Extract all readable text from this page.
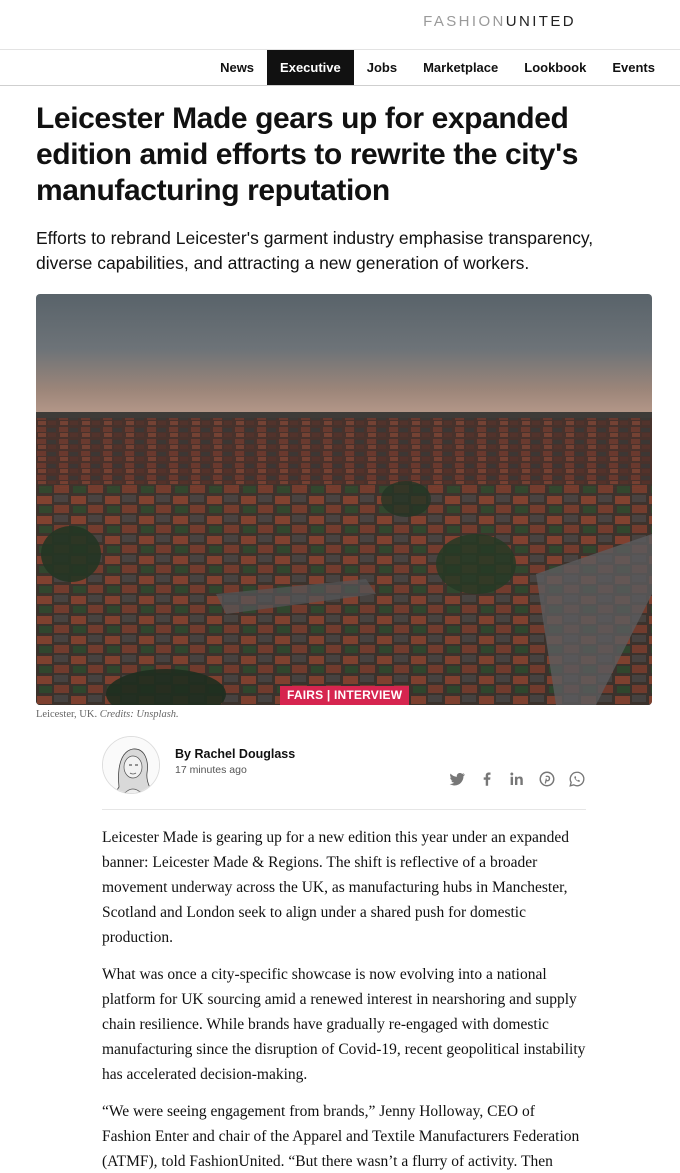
FASHIONUNITED
News	Executive	Jobs	Marketplace	Lookbook	Events
Leicester Made gears up for expanded edition amid efforts to rewrite the city's manufacturing reputation

Efforts to rebrand Leicester's garment industry emphasise transparency, diverse capabilities, and attracting a new generation of workers.

FAIRS | INTERVIEW
Leicester, UK. Credits: Unsplash.
By Rachel Douglass
17 minutes ago

Leicester Made is gearing up for a new edition this year under an expanded banner: Leicester Made & Regions. The shift is reflective of a broader movement underway across the UK, as manufacturing hubs in Manchester, Scotland and London seek to align under a shared push for domestic production.

What was once a city-specific showcase is now evolving into a national platform for UK sourcing amid a renewed interest in nearshoring and supply chain resilience. While brands have gradually re-engaged with domestic manufacturing since the disruption of Covid-19, recent geopolitical instability has accelerated decision-making.

“We were seeing engagement from brands,” Jenny Holloway, CEO of Fashion Enter and chair of the Apparel and Textile Manufacturers Federation (ATMF), told FashionUnited. “But there wasn’t a flurry of activity. Then
